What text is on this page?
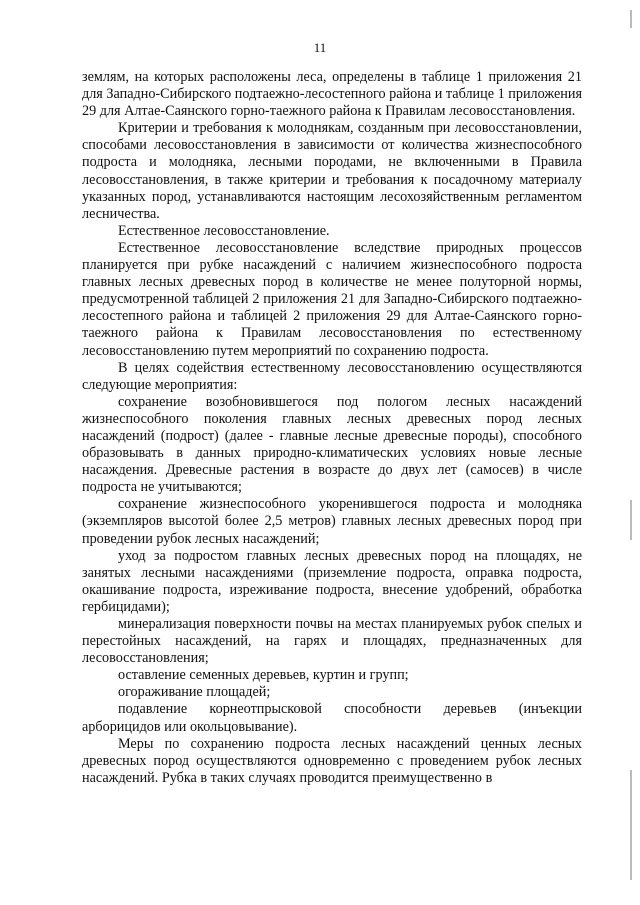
11

землям, на которых расположены леса, определены в таблице 1 приложения 21 для Западно-Сибирского подтаежно-лесостепного района и таблице 1 приложения 29 для Алтае-Саянского горно-таежного района к Правилам лесовосстановления.

Критерии и требования к молоднякам, созданным при лесовосстановлении, способами лесовосстановления в зависимости от количества жизнеспособного подроста и молодняка, лесными породами, не включенными в Правила лесовосстановления, в также критерии и требования к посадочному материалу указанных пород, устанавливаются настоящим лесохозяйственным регламентом лесничества.

Естественное лесовосстановление.

Естественное лесовосстановление вследствие природных процессов планируется при рубке насаждений с наличием жизнеспособного подроста главных лесных древесных пород в количестве не менее полуторной нормы, предусмотренной таблицей 2 приложения 21 для Западно-Сибирского подтаежно-лесостепного района и таблицей 2 приложения 29 для Алтае-Саянского горно-таежного района к Правилам лесовосстановления по естественному лесовосстановлению путем мероприятий по сохранению подроста.

В целях содействия естественному лесовосстановлению осуществляются следующие мероприятия:

сохранение возобновившегося под пологом лесных насаждений жизнеспособного поколения главных лесных древесных пород лесных насаждений (подрост) (далее - главные лесные древесные породы), способного образовывать в данных природно-климатических условиях новые лесные насаждения. Древесные растения в возрасте до двух лет (самосев) в числе подроста не учитываются;

сохранение жизнеспособного укоренившегося подроста и молодняка (экземпляров высотой более 2,5 метров) главных лесных древесных пород при проведении рубок лесных насаждений;

уход за подростом главных лесных древесных пород на площадях, не занятых лесными насаждениями (приземление подроста, оправка подроста, окашивание подроста, изреживание подроста, внесение удобрений, обработка гербицидами);

минерализация поверхности почвы на местах планируемых рубок спелых и перестойных насаждений, на гарях и площадях, предназначенных для лесовосстановления;

оставление семенных деревьев, куртин и групп;

огораживание площадей;

подавление корнеотпрысковой способности деревьев (инъекции арборицидов или окольцовывание).

Меры по сохранению подроста лесных насаждений ценных лесных древесных пород осуществляются одновременно с проведением рубок лесных насаждений. Рубка в таких случаях проводится преимущественно в
